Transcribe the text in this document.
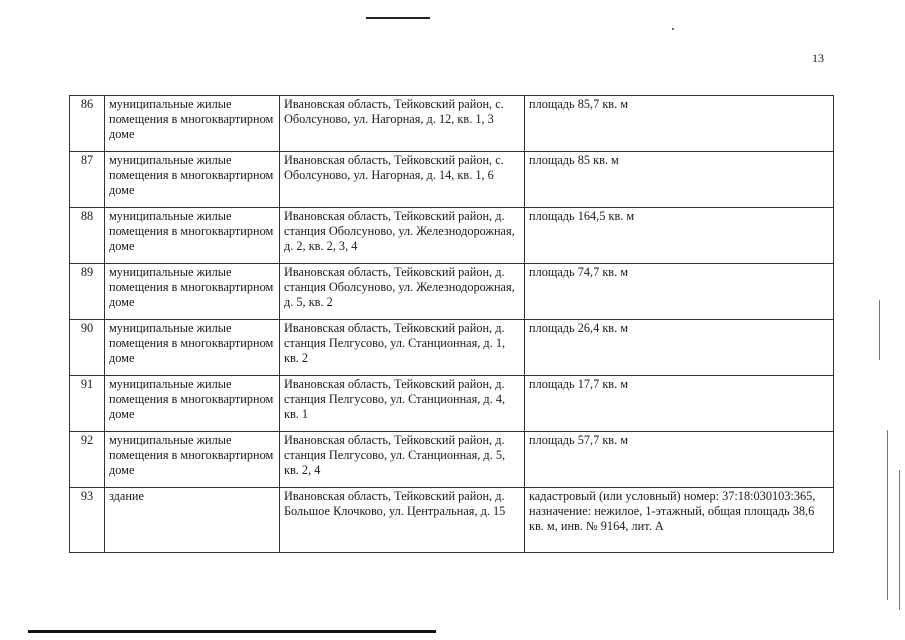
13
86	муниципальные жилые помещения в многоквартирном доме	Ивановская область, Тейковский район, с. Оболсуново, ул. Нагорная, д. 12, кв. 1, 3	площадь 85,7 кв. м
87	муниципальные жилые помещения в многоквартирном доме	Ивановская область, Тейковский район, с. Оболсуново, ул. Нагорная, д. 14, кв. 1, 6	площадь 85 кв. м
88	муниципальные жилые помещения в многоквартирном доме	Ивановская область, Тейковский район, д. станция Оболсуново, ул. Железнодорожная, д. 2, кв. 2, 3, 4	площадь 164,5 кв. м
89	муниципальные жилые помещения в многоквартирном доме	Ивановская область, Тейковский район, д. станция Оболсуново, ул. Железнодорожная, д. 5, кв. 2	площадь 74,7 кв. м
90	муниципальные жилые помещения в многоквартирном доме	Ивановская область, Тейковский район, д. станция Пелгусово, ул. Станционная, д. 1, кв. 2	площадь 26,4 кв. м
91	муниципальные жилые помещения в многоквартирном доме	Ивановская область, Тейковский район, д. станция Пелгусово, ул. Станционная, д. 4, кв. 1	площадь 17,7 кв. м
92	муниципальные жилые помещения в многоквартирном доме	Ивановская область, Тейковский район, д. станция Пелгусово, ул. Станционная, д. 5, кв. 2, 4	площадь 57,7 кв. м
93	здание	Ивановская область, Тейковский район, д. Большое Клочково, ул. Центральная, д. 15	кадастровый (или условный) номер: 37:18:030103:365, назначение: нежилое, 1-этажный, общая площадь 38,6 кв. м, инв. № 9164, лит. А
